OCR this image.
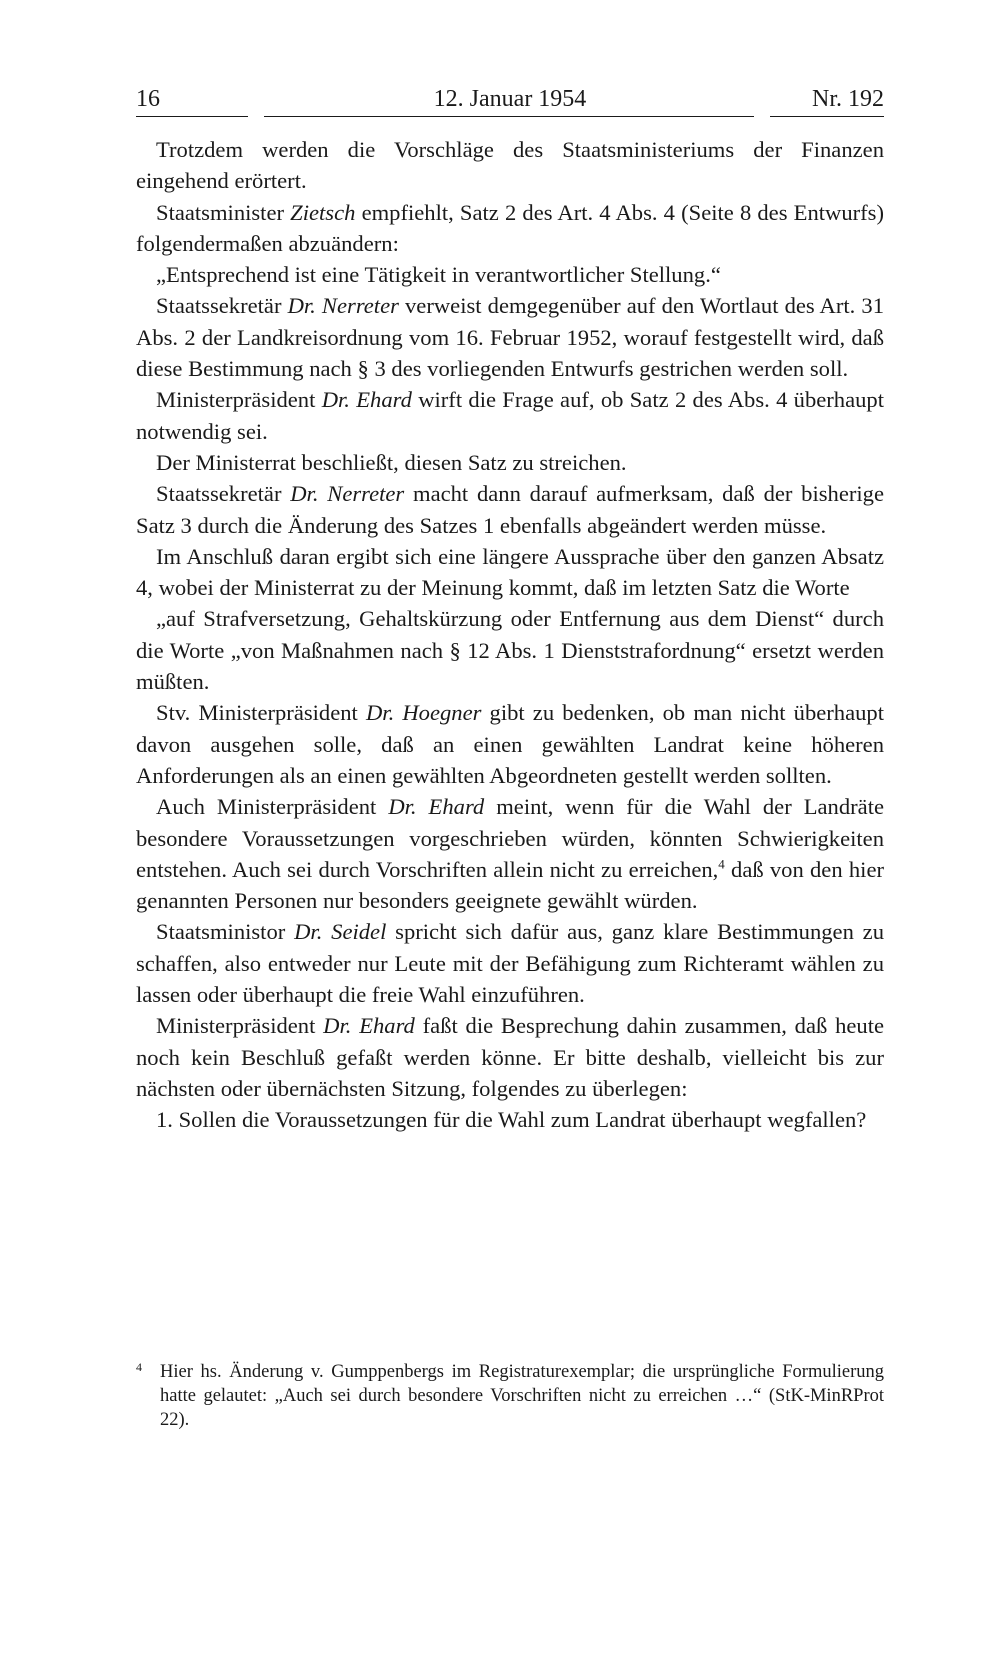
16	12. Januar 1954	Nr. 192

Trotzdem werden die Vorschläge des Staatsministeriums der Finanzen eingehend erörtert.

Staatsminister Zietsch empfiehlt, Satz 2 des Art. 4 Abs. 4 (Seite 8 des Entwurfs) folgendermaßen abzuändern:

„Entsprechend ist eine Tätigkeit in verantwortlicher Stellung.“

Staatssekretär Dr. Nerreter verweist demgegenüber auf den Wortlaut des Art. 31 Abs. 2 der Landkreisordnung vom 16. Februar 1952, worauf festgestellt wird, daß diese Bestimmung nach § 3 des vorliegenden Entwurfs gestrichen werden soll.

Ministerpräsident Dr. Ehard wirft die Frage auf, ob Satz 2 des Abs. 4 überhaupt notwendig sei.

Der Ministerrat beschließt, diesen Satz zu streichen.

Staatssekretär Dr. Nerreter macht dann darauf aufmerksam, daß der bisherige Satz 3 durch die Änderung des Satzes 1 ebenfalls abgeändert werden müsse.

Im Anschluß daran ergibt sich eine längere Aussprache über den ganzen Absatz 4, wobei der Ministerrat zu der Meinung kommt, daß im letzten Satz die Worte

„auf Strafversetzung, Gehaltskürzung oder Entfernung aus dem Dienst“ durch die Worte „von Maßnahmen nach § 12 Abs. 1 Dienststrafordnung“ ersetzt werden müßten.

Stv. Ministerpräsident Dr. Hoegner gibt zu bedenken, ob man nicht überhaupt davon ausgehen solle, daß an einen gewählten Landrat keine höheren Anforderungen als an einen gewählten Abgeordneten gestellt werden sollten.

Auch Ministerpräsident Dr. Ehard meint, wenn für die Wahl der Landräte besondere Voraussetzungen vorgeschrieben würden, könnten Schwierigkeiten entstehen. Auch sei durch Vorschriften allein nicht zu erreichen,$^4$ daß von den hier genannten Personen nur besonders geeignete gewählt würden.

Staatsministor Dr. Seidel spricht sich dafür aus, ganz klare Bestimmungen zu schaffen, also entweder nur Leute mit der Befähigung zum Richteramt wählen zu lassen oder überhaupt die freie Wahl einzuführen.

Ministerpräsident Dr. Ehard faßt die Besprechung dahin zusammen, daß heute noch kein Beschluß gefaßt werden könne. Er bitte deshalb, vielleicht bis zur nächsten oder übernächsten Sitzung, folgendes zu überlegen:

1. Sollen die Voraussetzungen für die Wahl zum Landrat überhaupt wegfallen?

4 Hier hs. Änderung v. Gumppenbergs im Registraturexemplar; die ursprüngliche Formulierung hatte gelautet: „Auch sei durch besondere Vorschriften nicht zu erreichen …“ (StK-MinRProt 22).
